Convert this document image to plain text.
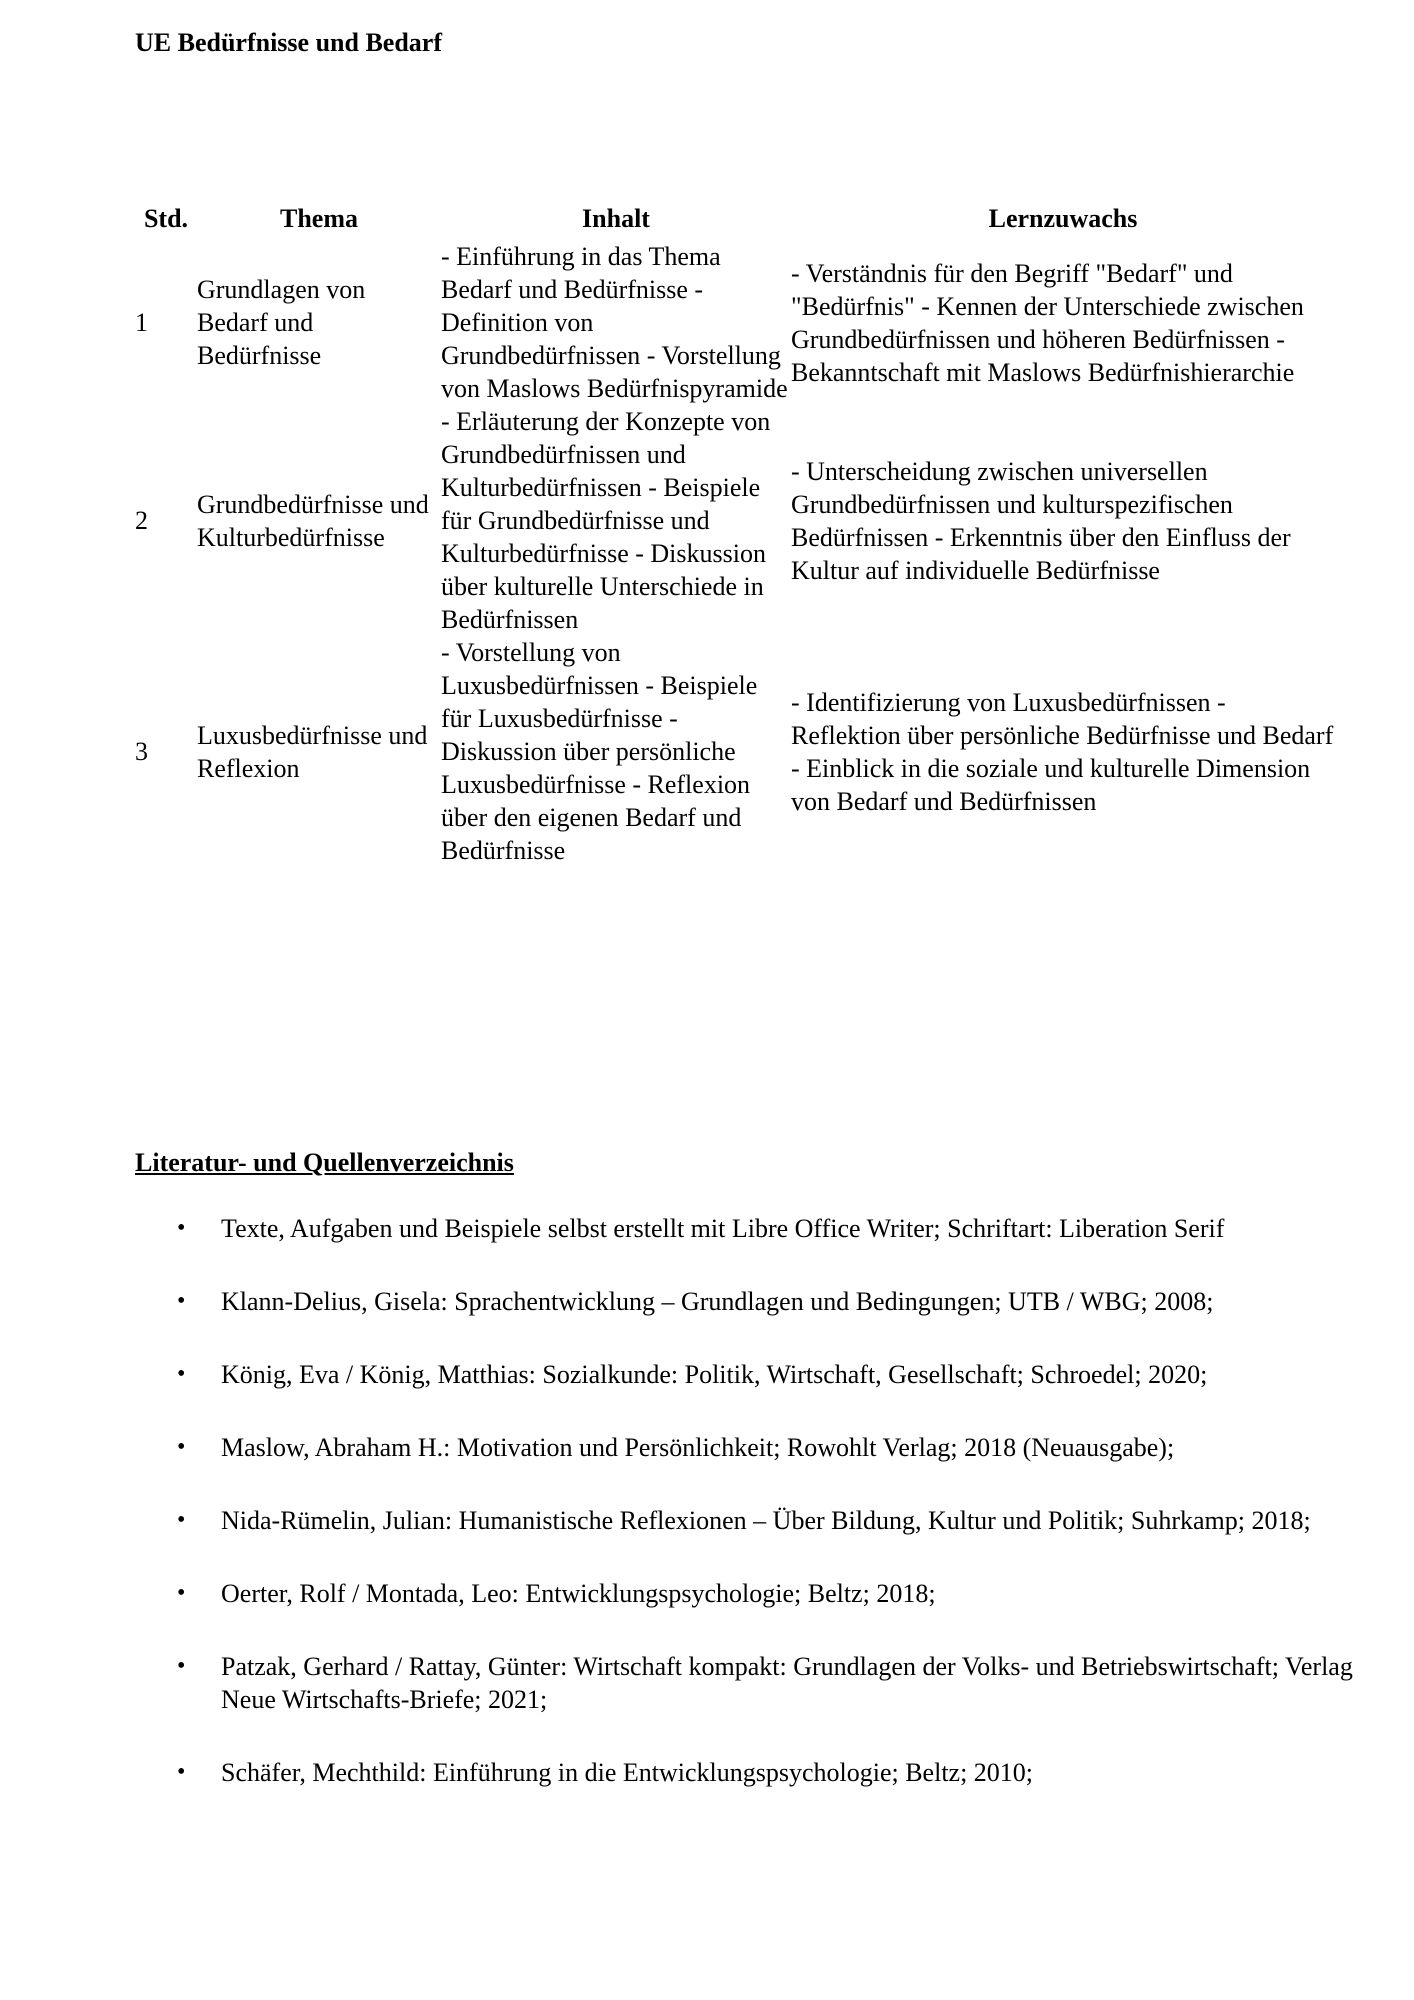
UE Bedürfnisse und Bedarf
Std.	Thema	Inhalt	Lernzuwachs
1	Grundlagen von Bedarf und Bedürfnisse	- Einführung in das Thema Bedarf und Bedürfnisse - Definition von Grundbedürfnissen - Vorstellung von Maslows Bedürfnispyramide	- Verständnis für den Begriff "Bedarf" und "Bedürfnis" - Kennen der Unterschiede zwischen Grundbedürfnissen und höheren Bedürfnissen - Bekanntschaft mit Maslows Bedürfnishierarchie
2	Grundbedürfnisse und Kulturbedürfnisse	- Erläuterung der Konzepte von Grundbedürfnissen und Kulturbedürfnissen - Beispiele für Grundbedürfnisse und Kulturbedürfnisse - Diskussion über kulturelle Unterschiede in Bedürfnissen	- Unterscheidung zwischen universellen Grundbedürfnissen und kulturspezifischen Bedürfnissen - Erkenntnis über den Einfluss der Kultur auf individuelle Bedürfnisse
3	Luxusbedürfnisse und Reflexion	- Vorstellung von Luxusbedürfnissen - Beispiele für Luxusbedürfnisse - Diskussion über persönliche Luxusbedürfnisse - Reflexion über den eigenen Bedarf und Bedürfnisse	- Identifizierung von Luxusbedürfnissen - Reflektion über persönliche Bedürfnisse und Bedarf - Einblick in die soziale und kulturelle Dimension von Bedarf und Bedürfnissen
Literatur- und Quellenverzeichnis
• Texte, Aufgaben und Beispiele selbst erstellt mit Libre Office Writer; Schriftart: Liberation Serif
• Klann-Delius, Gisela: Sprachentwicklung – Grundlagen und Bedingungen; UTB / WBG; 2008;
• König, Eva / König, Matthias: Sozialkunde: Politik, Wirtschaft, Gesellschaft; Schroedel; 2020;
• Maslow, Abraham H.: Motivation und Persönlichkeit; Rowohlt Verlag; 2018 (Neuausgabe);
• Nida-Rümelin, Julian: Humanistische Reflexionen – Über Bildung, Kultur und Politik; Suhrkamp; 2018;
• Oerter, Rolf / Montada, Leo: Entwicklungspsychologie; Beltz; 2018;
• Patzak, Gerhard / Rattay, Günter: Wirtschaft kompakt: Grundlagen der Volks- und Betriebswirtschaft; Verlag Neue Wirtschafts-Briefe; 2021;
• Schäfer, Mechthild: Einführung in die Entwicklungspsychologie; Beltz; 2010;
